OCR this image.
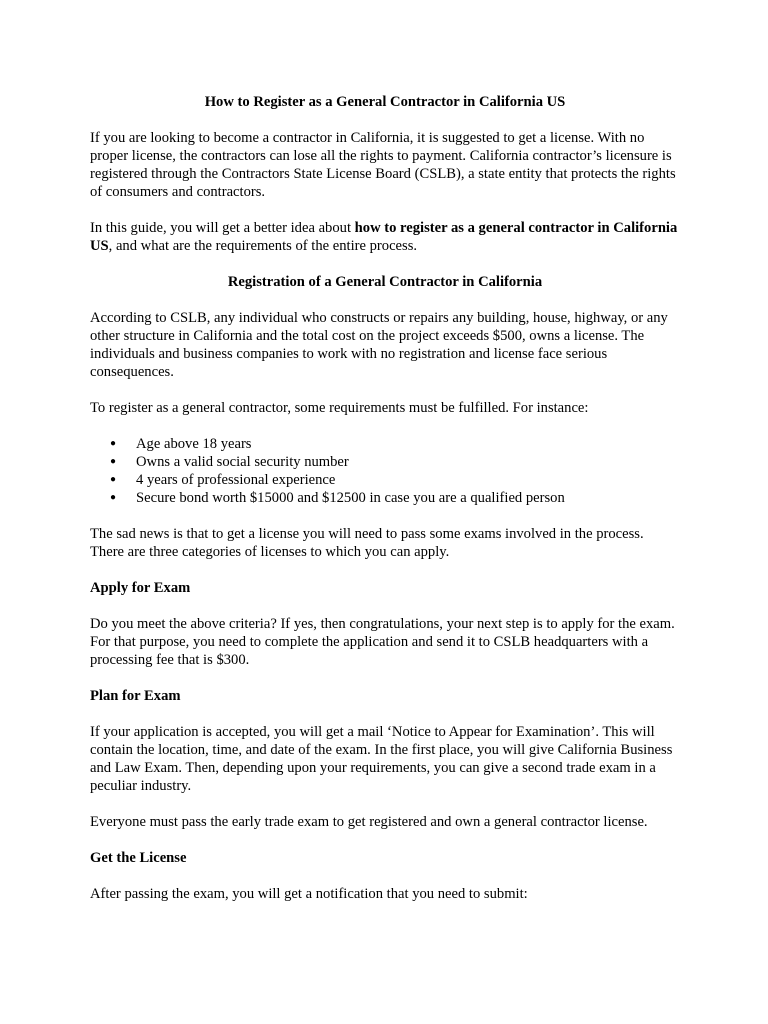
How to Register as a General Contractor in California US

If you are looking to become a contractor in California, it is suggested to get a license. With no proper license, the contractors can lose all the rights to payment. California contractor’s licensure is registered through the Contractors State License Board (CSLB), a state entity that protects the rights of consumers and contractors.

In this guide, you will get a better idea about how to register as a general contractor in California US, and what are the requirements of the entire process.

Registration of a General Contractor in California

According to CSLB, any individual who constructs or repairs any building, house, highway, or any other structure in California and the total cost on the project exceeds $500, owns a license. The individuals and business companies to work with no registration and license face serious consequences.

To register as a general contractor, some requirements must be fulfilled. For instance:

● Age above 18 years
● Owns a valid social security number
● 4 years of professional experience
● Secure bond worth $15000 and $12500 in case you are a qualified person

The sad news is that to get a license you will need to pass some exams involved in the process. There are three categories of licenses to which you can apply.

Apply for Exam

Do you meet the above criteria? If yes, then congratulations, your next step is to apply for the exam. For that purpose, you need to complete the application and send it to CSLB headquarters with a processing fee that is $300.

Plan for Exam

If your application is accepted, you will get a mail ‘Notice to Appear for Examination’. This will contain the location, time, and date of the exam. In the first place, you will give California Business and Law Exam. Then, depending upon your requirements, you can give a second trade exam in a peculiar industry.

Everyone must pass the early trade exam to get registered and own a general contractor license.

Get the License

After passing the exam, you will get a notification that you need to submit:
